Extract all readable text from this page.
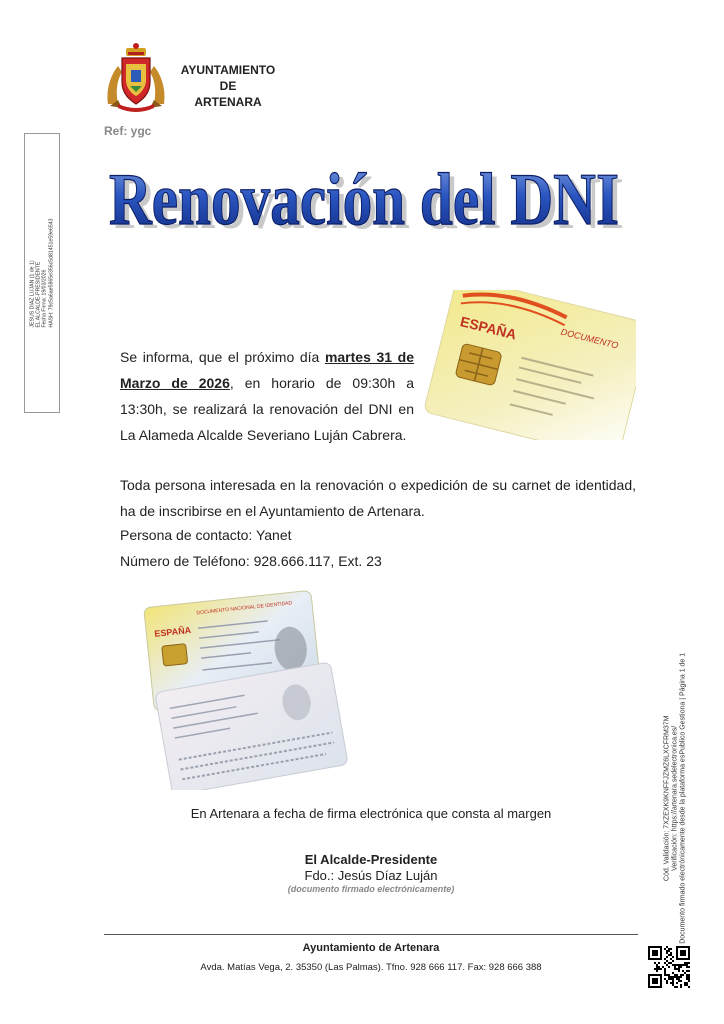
AYUNTAMIENTO DE
ARTENARA
Ref: ygc
JESUS DIAZ LUJAN (1 de 1) EL ALCALDE-PRESIDENTE Fecha Firma: 19/03/2026 HASH: 79c5a6ae5865e356c5d81451e59e6543
Renovación del DNI
Renovación del DNI
ESPAÑA	DOCUMENTO
Se informa, que el próximo día martes 31 de Marzo de 2026, en horario de 09:30h a 13:30h, se realizará la renovación del DNI en La Alameda Alcalde Severiano Luján Cabrera.
Toda persona interesada en la renovación o expedición de su carnet de identidad, ha de inscribirse en el Ayuntamiento de Artenara.
Persona de contacto: Yanet
Número de Teléfono: 928.666.117, Ext. 23
DOCUMENTO NACIONAL DE IDENTIDAD
ESPAÑA
En Artenara a fecha de firma electrónica que consta al margen
El Alcalde-Presidente
Fdo.: Jesús Díaz Luján
(documento firmado electrónicamente)
Ayuntamiento de Artenara
Avda. Matías Vega, 2. 35350 (Las Palmas). Tfno. 928 666 117. Fax: 928 666 388
Cód. Validación: 7XZEXK9KNFFJZMZ6LXCFRM37M Verificación: https://artenara.sedelectronica.es/ Documento firmado electrónicamente desde la plataforma esPublico Gestiona | Página 1 de 1
